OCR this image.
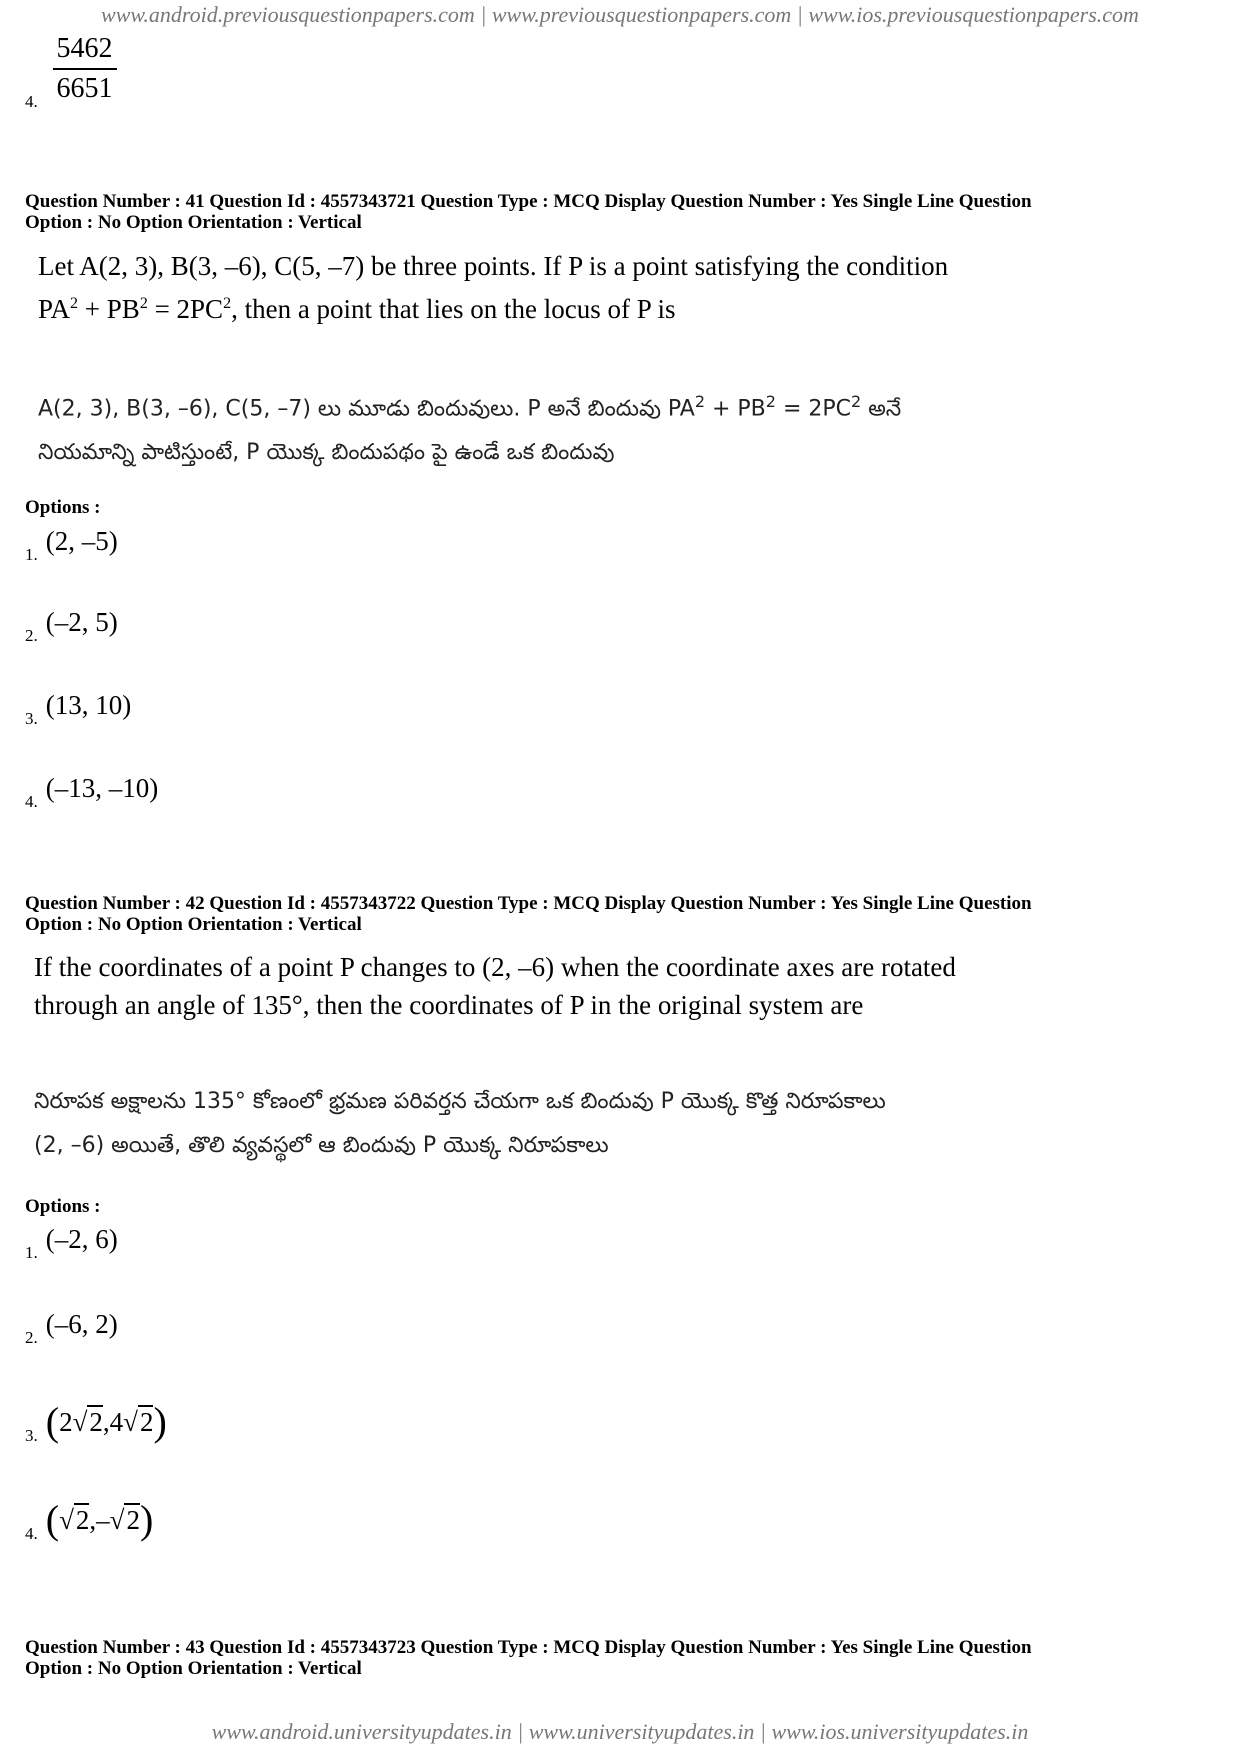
www.android.previousquestionpapers.com | www.previousquestionpapers.com | www.ios.previousquestionpapers.com
$_{4.} \frac{5462}{6651}$

Question Number : 41 Question Id : 4557343721 Question Type : MCQ Display Question Number : Yes Single Line Question

Option : No Option Orientation : Vertical

Let A(2, 3), B(3, –6), C(5, –7) be three points. If P is a point satisfying the condition

$PA^2 + PB^2 = 2PC^2$, then a point that lies on the locus of P is

A(2, 3), B(3, –6), C(5, –7) లు మూడు బిందువులు. P అనే బిందువు $PA^2 + PB^2 = 2PC^2$ అనే

నియమాన్ని పాటిస్తుంటే, P యొక్క బిందుపథం పై ఉండే ఒక బిందువు

Options :
$_{1.}$ (2, –5)
$_{2.}$ (–2, 5)
$_{3.}$ (13, 10)
$_{4.}$ (–13, –10)

Question Number : 42 Question Id : 4557343722 Question Type : MCQ Display Question Number : Yes Single Line Question

Option : No Option Orientation : Vertical

If the coordinates of a point P changes to (2, –6) when the coordinate axes are rotated

through an angle of 135°, then the coordinates of P in the original system are

నిరూపక అక్షాలను 135° కోణంలో భ్రమణ పరివర్తన చేయగా ఒక బిందువు P యొక్క కొత్త నిరూపకాలు

(2, –6) అయితే, తొలి వ్యవస్థలో ఆ బిందువు P యొక్క నిరూపకాలు

Options :
$_{1.}$ (–2, 6)
$_{2.}$ (–6, 2)
$_{3.}$ (2√2,4√2)
$_{4.}$ (√2,–√2)

Question Number : 43 Question Id : 4557343723 Question Type : MCQ Display Question Number : Yes Single Line Question

Option : No Option Orientation : Vertical

www.android.universityupdates.in | www.universityupdates.in | www.ios.universityupdates.in
